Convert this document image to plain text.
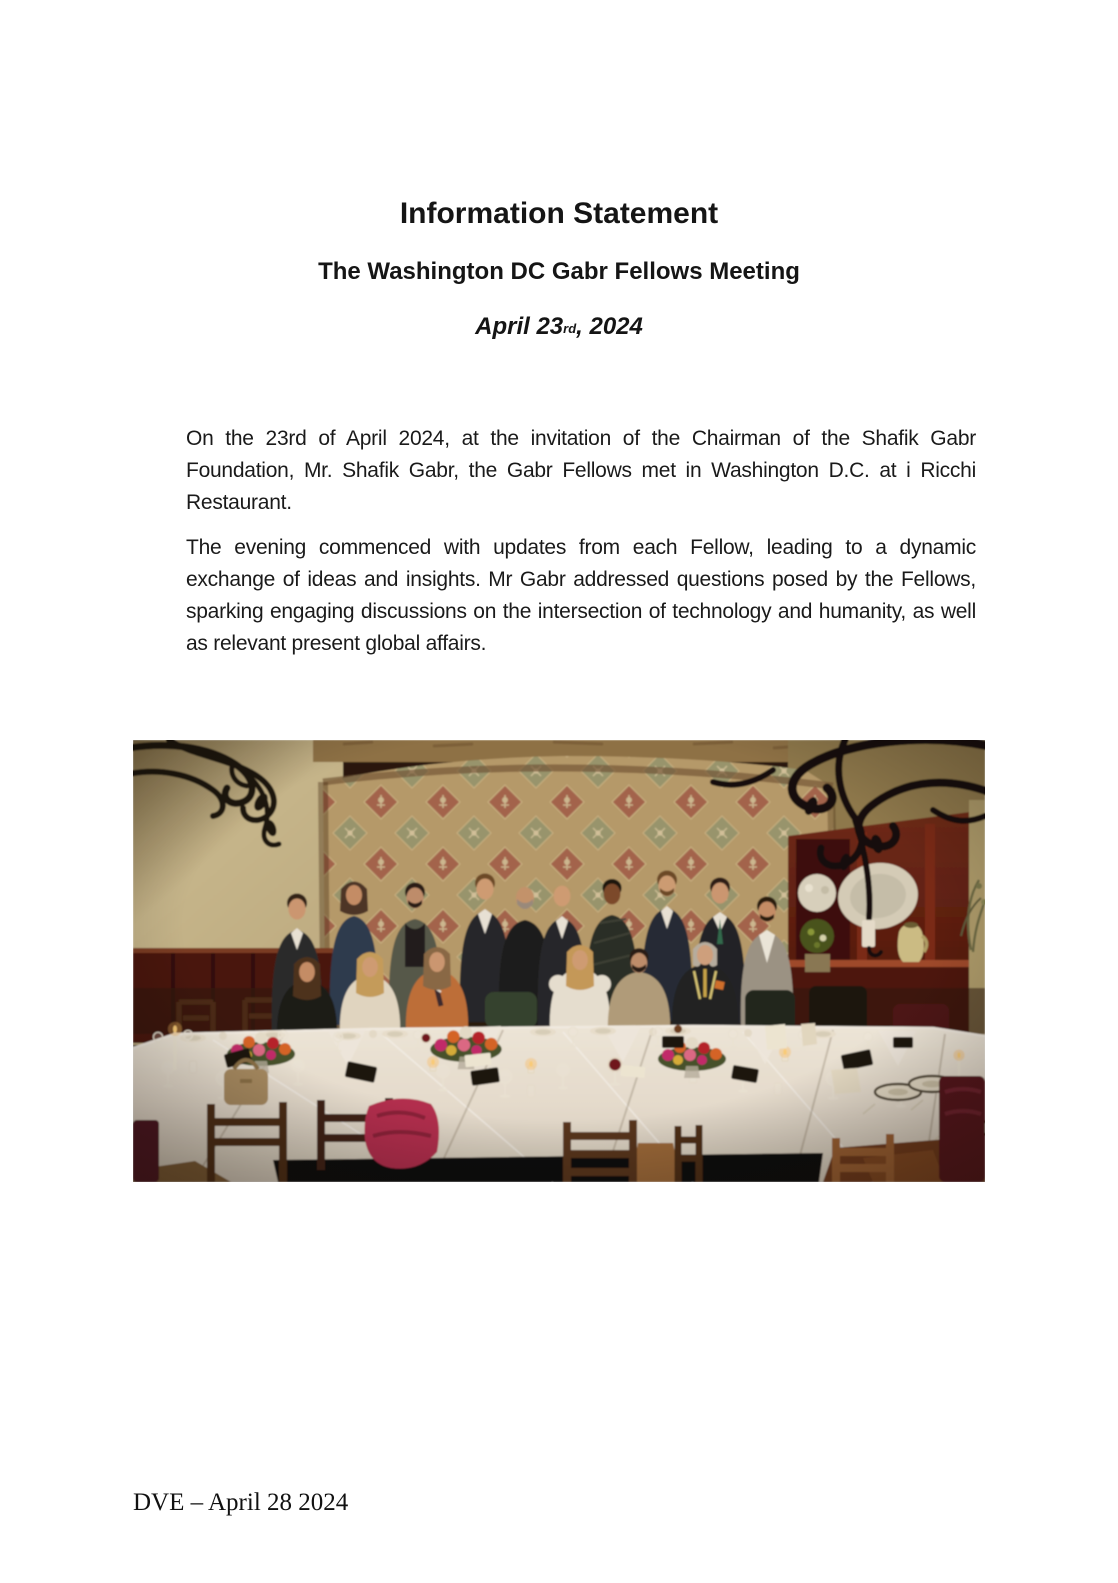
Information Statement
The Washington DC Gabr Fellows Meeting
April 23rd, 2024

On the 23rd of April 2024, at the invitation of the Chairman of the Shafik Gabr Foundation, Mr. Shafik Gabr, the Gabr Fellows met in Washington D.C. at i Ricchi Restaurant.

The evening commenced with updates from each Fellow, leading to a dynamic exchange of ideas and insights. Mr Gabr addressed questions posed by the Fellows, sparking engaging discussions on the intersection of technology and humanity, as well as relevant present global affairs.

DVE – April 28 2024
